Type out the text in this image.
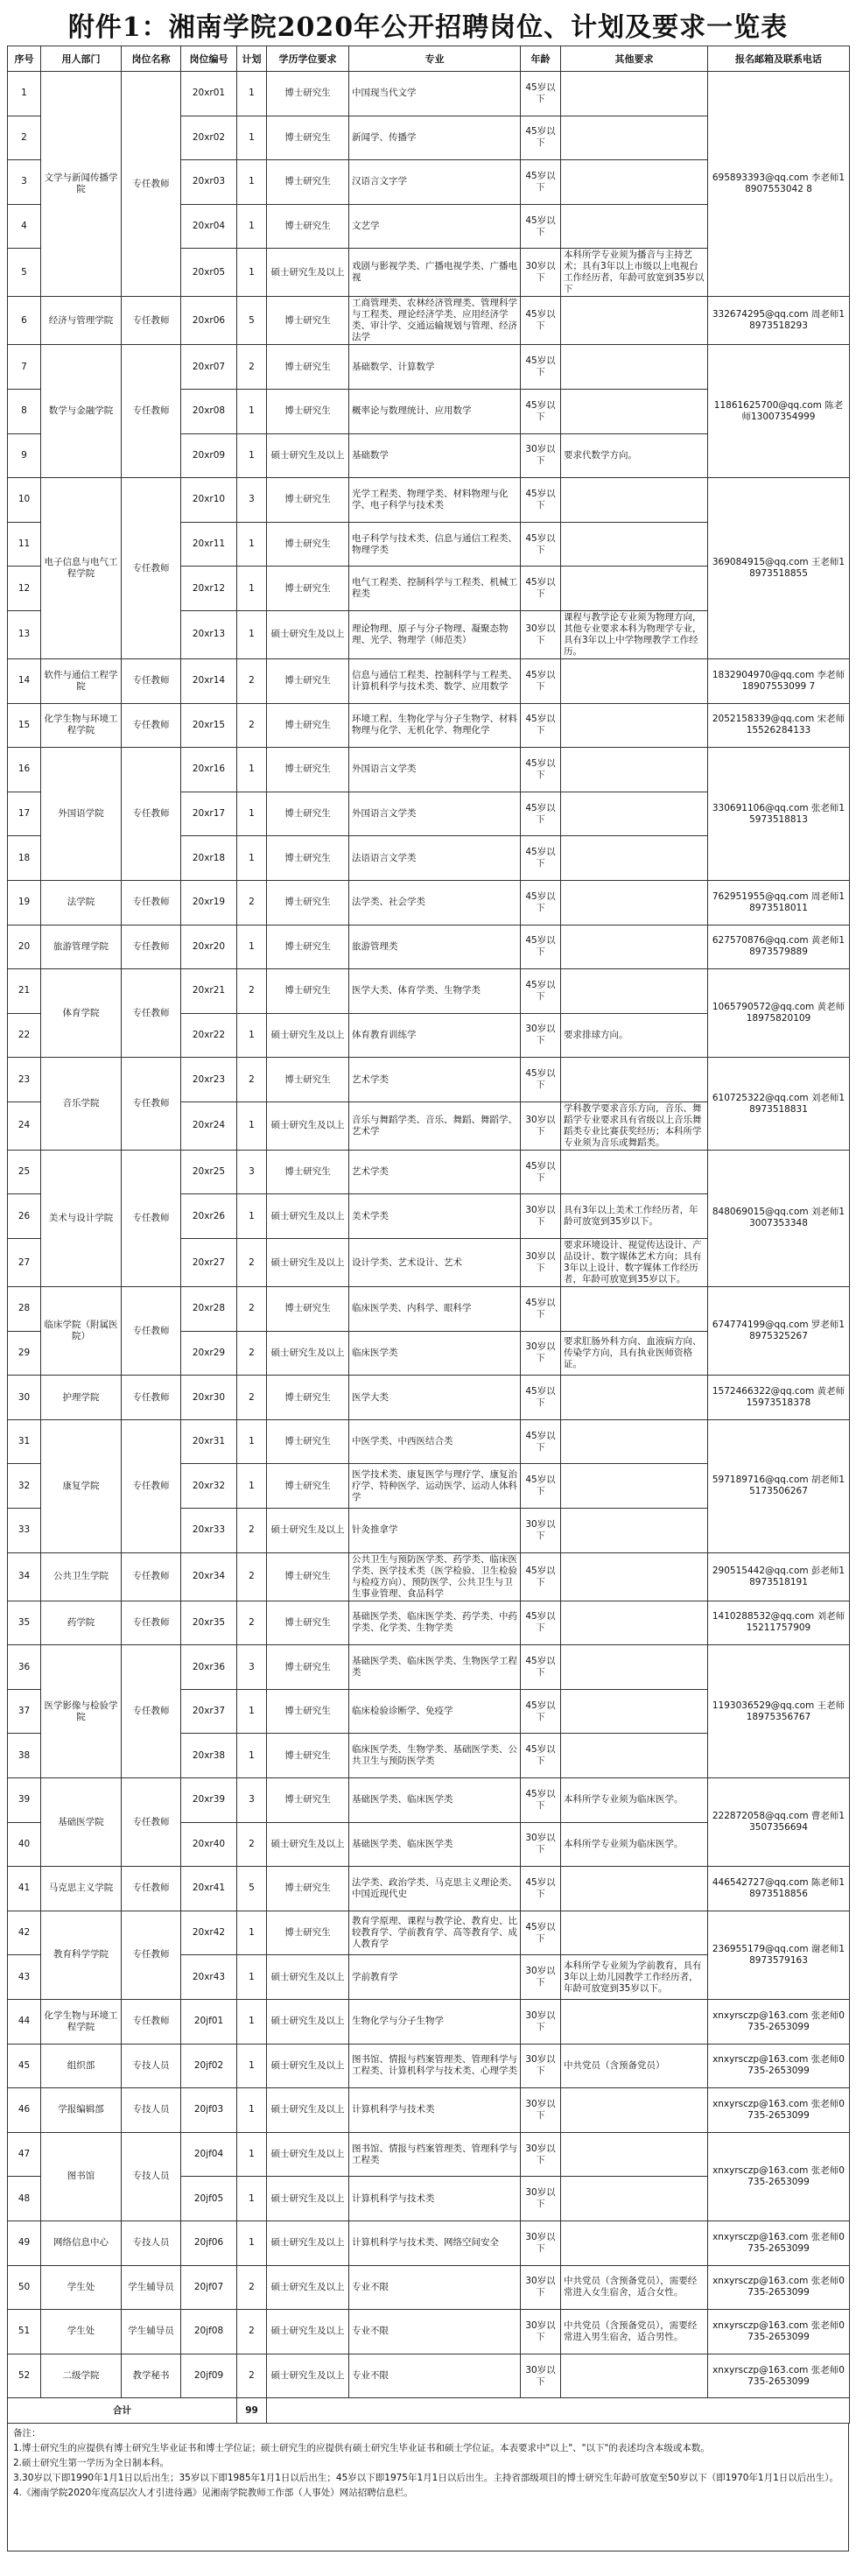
附件1：湘南学院2020年公开招聘岗位、计划及要求一览表
序号	用人部门	岗位名称	岗位编号	计划	学历学位要求	专业	年龄	其他要求	报名邮箱及联系电话
1	文学与新闻传播学院	专任教师	20xr01	1	博士研究生	中国现当代文学	45岁以下		695893393@qq.com 李老师18907553042 8
2			20xr02	1	博士研究生	新闻学、传播学	45岁以下		
3			20xr03	1	博士研究生	汉语言文字学	45岁以下		
4			20xr04	1	博士研究生	文艺学	45岁以下		
5			20xr05	1	硕士研究生及以上	戏剧与影视学类、广播电视学类、广播电视	30岁以下	本科所学专业须为播音与主持艺术；具有3年以上市级以上电视台工作经历者，年龄可放宽到35岁以下	
6	经济与管理学院	专任教师	20xr06	5	博士研究生	工商管理类、农林经济管理类、管理科学与工程类、理论经济学类、应用经济学类、审计学、交通运输规划与管理、经济法学	45岁以下		332674295@qq.com 周老师18973518293
7	数学与金融学院	专任教师	20xr07	2	博士研究生	基础数学、计算数学	45岁以下		11861625700@qq.com 陈老师13007354999
8			20xr08	1	博士研究生	概率论与数理统计、应用数学	45岁以下		
9			20xr09	1	硕士研究生及以上	基础数学	30岁以下	要求代数学方向。	
10	电子信息与电气工程学院	专任教师	20xr10	3	博士研究生	光学工程类、物理学类、材料物理与化学、电子科学与技术类	45岁以下		369084915@qq.com 王老师18973518855
11			20xr11	1	博士研究生	电子科学与技术类、信息与通信工程类、物理学类	45岁以下		
12			20xr12	1	博士研究生	电气工程类、控制科学与工程类、机械工程类	45岁以下		
13			20xr13	1	硕士研究生及以上	理论物理、原子与分子物理、凝聚态物理、光学、物理学（师范类）	30岁以下	课程与教学论专业须为物理方向，其他专业要求本科为物理学专业，具有3年以上中学物理教学工作经历。	
14	软件与通信工程学院	专任教师	20xr14	2	博士研究生	信息与通信工程类、控制科学与工程类、计算机科学与技术类、数学、应用数学	45岁以下		1832904970@qq.com 李老师18907553099 7
15	化学生物与环境工程学院	专任教师	20xr15	2	博士研究生	环境工程、生物化学与分子生物学、材料物理与化学、无机化学、物理化学	45岁以下		2052158339@qq.com 宋老师15526284133
16	外国语学院	专任教师	20xr16	1	博士研究生	外国语言文学类	45岁以下		330691106@qq.com 张老师15973518813
17			20xr17	1	博士研究生	外国语言文学类	45岁以下		
18			20xr18	1	博士研究生	法语语言文学类	45岁以下		
19	法学院	专任教师	20xr19	2	博士研究生	法学类、社会学类	45岁以下		762951955@qq.com 周老师18973518011
20	旅游管理学院	专任教师	20xr20	1	博士研究生	旅游管理类	45岁以下		627570876@qq.com 黄老师18973579889
21	体育学院	专任教师	20xr21	2	博士研究生	医学大类、体育学类、生物学类	45岁以下		1065790572@qq.com 黄老师18975820109
22			20xr22	1	硕士研究生及以上	体育教育训练学	30岁以下	要求排球方向。	
23	音乐学院	专任教师	20xr23	2	博士研究生	艺术学类	45岁以下		610725322@qq.com 刘老师18973518831
24			20xr24	1	硕士研究生及以上	音乐与舞蹈学类、音乐、舞蹈、舞蹈学、艺术学	30岁以下	学科教学要求音乐方向，音乐、舞蹈学专业要求具有省级以上音乐舞蹈类专业比赛获奖经历；本科所学专业须为音乐或舞蹈类。	
25	美术与设计学院	专任教师	20xr25	3	博士研究生	艺术学类	45岁以下		848069015@qq.com 刘老师13007353348
26			20xr26	1	硕士研究生及以上	美术学类	30岁以下	具有3年以上美术工作经历者，年龄可放宽到35岁以下。	
27			20xr27	2	硕士研究生及以上	设计学类、艺术设计、艺术	30岁以下	要求环境设计、视觉传达设计、产品设计、数字媒体艺术方向；具有3年以上设计、数字媒体工作经历者，年龄可放宽到35岁以下。	
28	临床学院（附属医院）	专任教师	20xr28	2	博士研究生	临床医学类、内科学、眼科学	45岁以下		674774199@qq.com 罗老师18975325267
29			20xr29	2	硕士研究生及以上	临床医学类	30岁以下	要求肛肠外科方向、血液病方向、传染学方向，具有执业医师资格证。	
30	护理学院	专任教师	20xr30	2	博士研究生	医学大类	45岁以下		1572466322@qq.com 黄老师15973518378
31	康复学院	专任教师	20xr31	1	博士研究生	中医学类、中西医结合类	45岁以下		597189716@qq.com 胡老师15173506267
32			20xr32	1	博士研究生	医学技术类、康复医学与理疗学、康复治疗学、特种医学、运动医学、运动人体科学	45岁以下		
33			20xr33	2	硕士研究生及以上	针灸推拿学	30岁以下		
34	公共卫生学院	专任教师	20xr34	2	博士研究生	公共卫生与预防医学类、药学类、临床医学类、医学技术类（医学检验、卫生检验与检疫方向）、预防医学、公共卫生与卫生事业管理、食品科学	45岁以下		290515442@qq.com 彭老师18973518191
35	药学院	专任教师	20xr35	2	博士研究生	基础医学类、临床医学类、药学类、中药学类、化学类、生物学类	45岁以下		1410288532@qq.com 刘老师15211757909
36	医学影像与检验学院	专任教师	20xr36	3	博士研究生	基础医学类、临床医学类、生物医学工程类	45岁以下		1193036529@qq.com 王老师18975356767
37			20xr37	1	博士研究生	临床检验诊断学、免疫学	45岁以下		
38			20xr38	1	博士研究生	临床医学类、生物学类、基础医学类、公共卫生与预防医学类	45岁以下		
39	基础医学院	专任教师	20xr39	3	博士研究生	基础医学类、临床医学类	45岁以下	本科所学专业须为临床医学。	222872058@qq.com 曹老师13507356694
40			20xr40	2	硕士研究生及以上	基础医学类、临床医学类	30岁以下	本科所学专业须为临床医学。	
41	马克思主义学院	专任教师	20xr41	5	博士研究生	法学类、政治学类、马克思主义理论类、中国近现代史	45岁以下		446542727@qq.com 陈老师18973518856
42	教育科学学院	专任教师	20xr42	1	博士研究生	教育学原理、课程与教学论、教育史、比较教育学、学前教育学、高等教育学、成人教育学	45岁以下		236955179@qq.com 谢老师18973579163
43			20xr43	1	硕士研究生及以上	学前教育学	30岁以下	本科所学专业须为学前教育，具有3年以上幼儿园教学工作经历者，年龄可放宽到35岁以下。	
44	化学生物与环境工程学院	专任教师	20jf01	1	硕士研究生及以上	生物化学与分子生物学	30岁以下		xnxyrsczp@163.com 张老师0735-2653099
45	组织部	专技人员	20jf02	1	硕士研究生及以上	图书馆、情报与档案管理类、管理科学与工程类、计算机科学与技术类、心理学类	30岁以下	中共党员（含预备党员）	xnxyrsczp@163.com 张老师0735-2653099
46	学报编辑部	专技人员	20jf03	1	硕士研究生及以上	计算机科学与技术类	30岁以下		xnxyrsczp@163.com 张老师0735-2653099
47	图书馆	专技人员	20jf04	1	硕士研究生及以上	图书馆、情报与档案管理类、管理科学与工程类	30岁以下		xnxyrsczp@163.com 张老师0735-2653099
48			20jf05	1	硕士研究生及以上	计算机科学与技术类	30岁以下		
49	网络信息中心	专技人员	20jf06	1	硕士研究生及以上	计算机科学与技术类、网络空间安全	30岁以下		xnxyrsczp@163.com 张老师0735-2653099
50	学生处	学生辅导员	20jf07	2	硕士研究生及以上	专业不限	30岁以下	中共党员（含预备党员），需要经常进入女生宿舍，适合女性。	xnxyrsczp@163.com 张老师0735-2653099
51	学生处	学生辅导员	20jf08	2	硕士研究生及以上	专业不限	30岁以下	中共党员（含预备党员），需要经常进入男生宿舍，适合男性。	xnxyrsczp@163.com 张老师0735-2653099
52	二级学院	教学秘书	20jf09	2	硕士研究生及以上	专业不限	30岁以下		xnxyrsczp@163.com 张老师0735-2653099
合计				99					

备注：

1.博士研究生的应提供有博士研究生毕业证书和博士学位证；硕士研究生的应提供有硕士研究生毕业证书和硕士学位证。本表要求中"以上"、"以下"的表述均含本级或本数。

2.硕士研究生第一学历为全日制本科。

3.30岁以下即1990年1月1日以后出生；35岁以下即1985年1月1日以后出生；45岁以下即1975年1月1日以后出生。主持省部级项目的博士研究生年龄可放宽至50岁以下（即1970年1月1日以后出生）。

4.《湘南学院2020年度高层次人才引进待遇》见湘南学院教师工作部（人事处）网站招聘信息栏。
